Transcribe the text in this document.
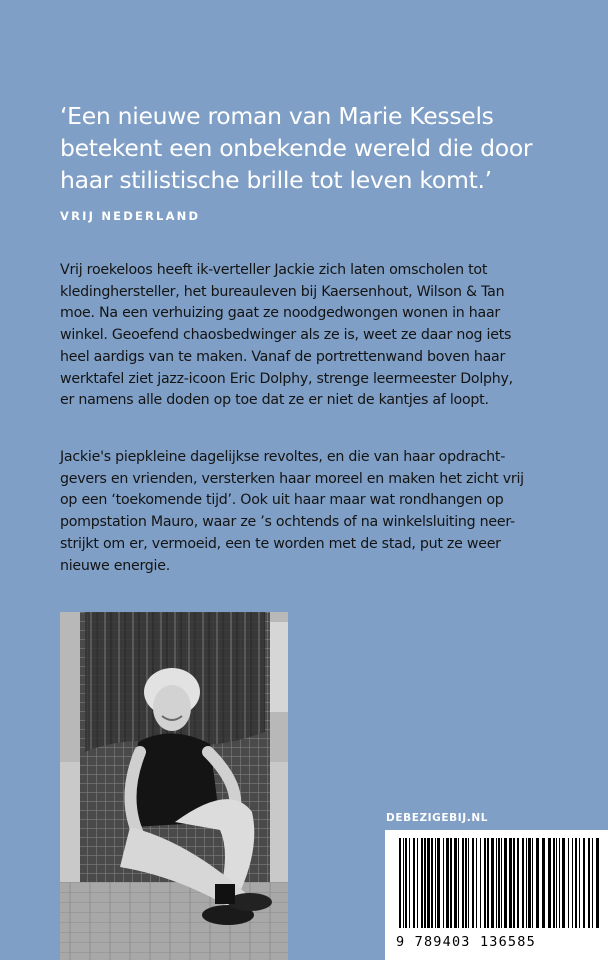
‘Een nieuwe roman van Marie Kessels
betekent een onbekende wereld die door
haar stilistische brille tot leven komt.’
VRIJ NEDERLAND
Vrij roekeloos heeft ik-verteller Jackie zich laten omscholen tot
kledinghersteller, het bureauleven bij Kaersenhout, Wilson & Tan
moe. Na een verhuizing gaat ze noodgedwongen wonen in haar
winkel. Geoefend chaosbedwinger als ze is, weet ze daar nog iets
heel aardigs van te maken. Vanaf de portrettenwand boven haar
werktafel ziet jazz-icoon Eric Dolphy, strenge leermeester Dolphy,
er namens alle doden op toe dat ze er niet de kantjes af loopt.
Jackie's piepkleine dagelijkse revoltes, en die van haar opdracht-
gevers en vrienden, versterken haar moreel en maken het zicht vrij
op een ‘toekomende tijd’. Ook uit haar maar wat rondhangen op
pompstation Mauro, waar ze ’s ochtends of na winkelsluiting neer-
strijkt om er, vermoeid, een te worden met de stad, put ze weer
nieuwe energie.
DEBEZIGEBIJ.NL
9 789403 136585
